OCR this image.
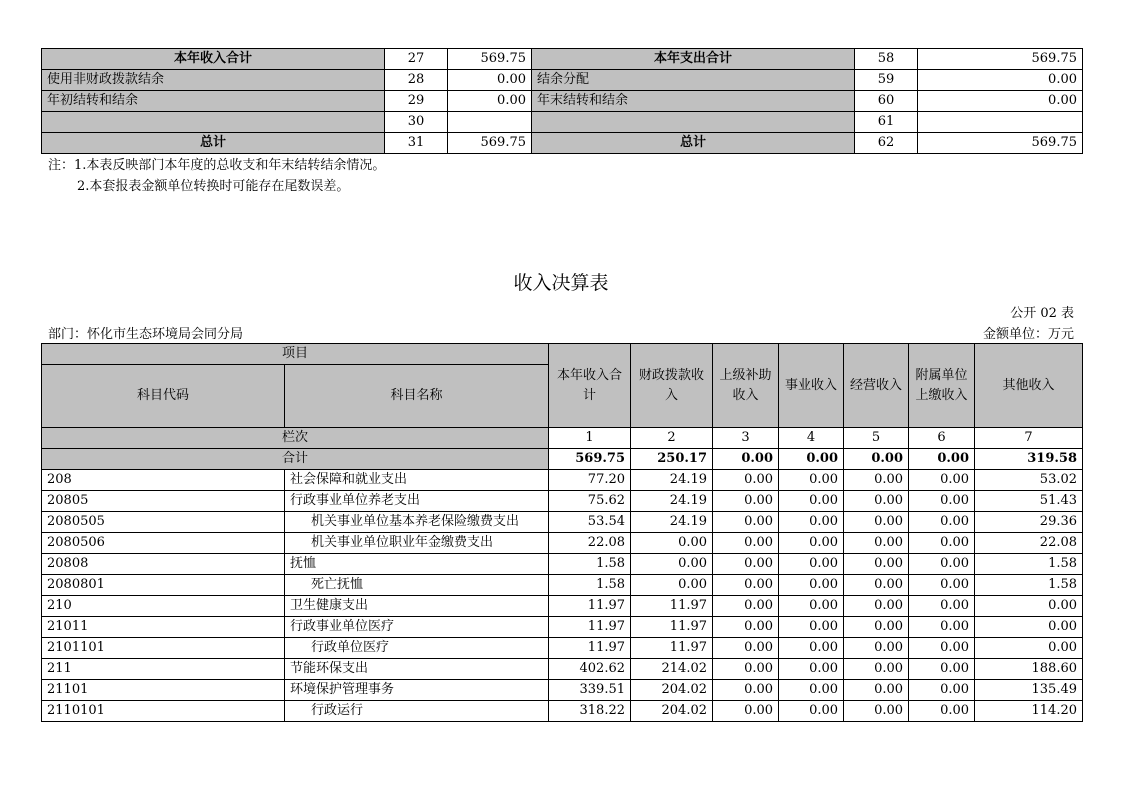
本年收入合计	27	569.75	本年支出合计	58	569.75
使用非财政拨款结余	28	0.00	结余分配	59	0.00
年初结转和结余	29	0.00	年末结转和结余	60	0.00
	30			61	
总计	31	569.75	总计	62	569.75
注：1.本表反映部门本年度的总收支和年末结转结余情况。
2.本套报表金额单位转换时可能存在尾数误差。
收入决算表
公开 02 表
部门：怀化市生态环境局会同分局	金额单位：万元
项目		本年收入合计	财政拨款收入	上级补助收入	事业收入	经营收入	附属单位上缴收入	其他收入
科目代码	科目名称							
栏次		1	2	3	4	5	6	7
合计		569.75	250.17	0.00	0.00	0.00	0.00	319.58
208	社会保障和就业支出	77.20	24.19	0.00	0.00	0.00	0.00	53.02
20805	行政事业单位养老支出	75.62	24.19	0.00	0.00	0.00	0.00	51.43
2080505	机关事业单位基本养老保险缴费支出	53.54	24.19	0.00	0.00	0.00	0.00	29.36
2080506	机关事业单位职业年金缴费支出	22.08	0.00	0.00	0.00	0.00	0.00	22.08
20808	抚恤	1.58	0.00	0.00	0.00	0.00	0.00	1.58
2080801	死亡抚恤	1.58	0.00	0.00	0.00	0.00	0.00	1.58
210	卫生健康支出	11.97	11.97	0.00	0.00	0.00	0.00	0.00
21011	行政事业单位医疗	11.97	11.97	0.00	0.00	0.00	0.00	0.00
2101101	行政单位医疗	11.97	11.97	0.00	0.00	0.00	0.00	0.00
211	节能环保支出	402.62	214.02	0.00	0.00	0.00	0.00	188.60
21101	环境保护管理事务	339.51	204.02	0.00	0.00	0.00	0.00	135.49
2110101	行政运行	318.22	204.02	0.00	0.00	0.00	0.00	114.20
